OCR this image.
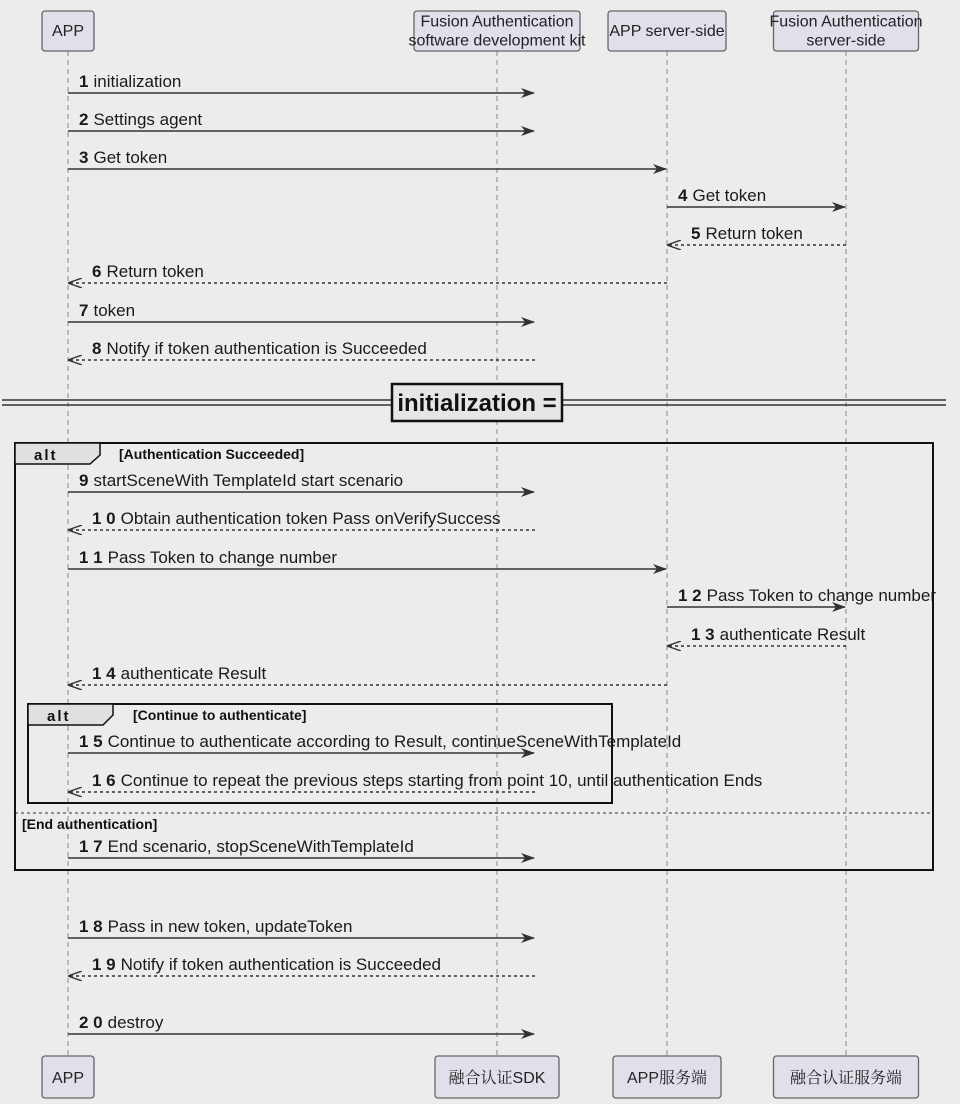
alt	[Authentication Succeeded]
[End authentication]
alt	[Continue to authenticate]
initialization =
1 initialization
2 Settings agent
3 Get token
4 Get token
5 Return token
6 Return token
7 token
8 Notify if token authentication is Succeeded
9 startSceneWith TemplateId start scenario
1 0 Obtain authentication token Pass onVerifySuccess
1 1 Pass Token to change number
1 2 Pass Token to change number
1 3 authenticate Result
1 4 authenticate Result
1 5 Continue to authenticate according to Result, continueSceneWithTemplateId
1 6 Continue to repeat the previous steps starting from point 10, until authentication Ends
1 7 End scenario, stopSceneWithTemplateId
1 8 Pass in new token, updateToken
1 9 Notify if token authentication is Succeeded
2 0 destroy
APP
APP
Fusion Authentication
software development kit
融合认证SDK
APP server-side
APP服务端
Fusion Authentication
server-side
融合认证服务端
